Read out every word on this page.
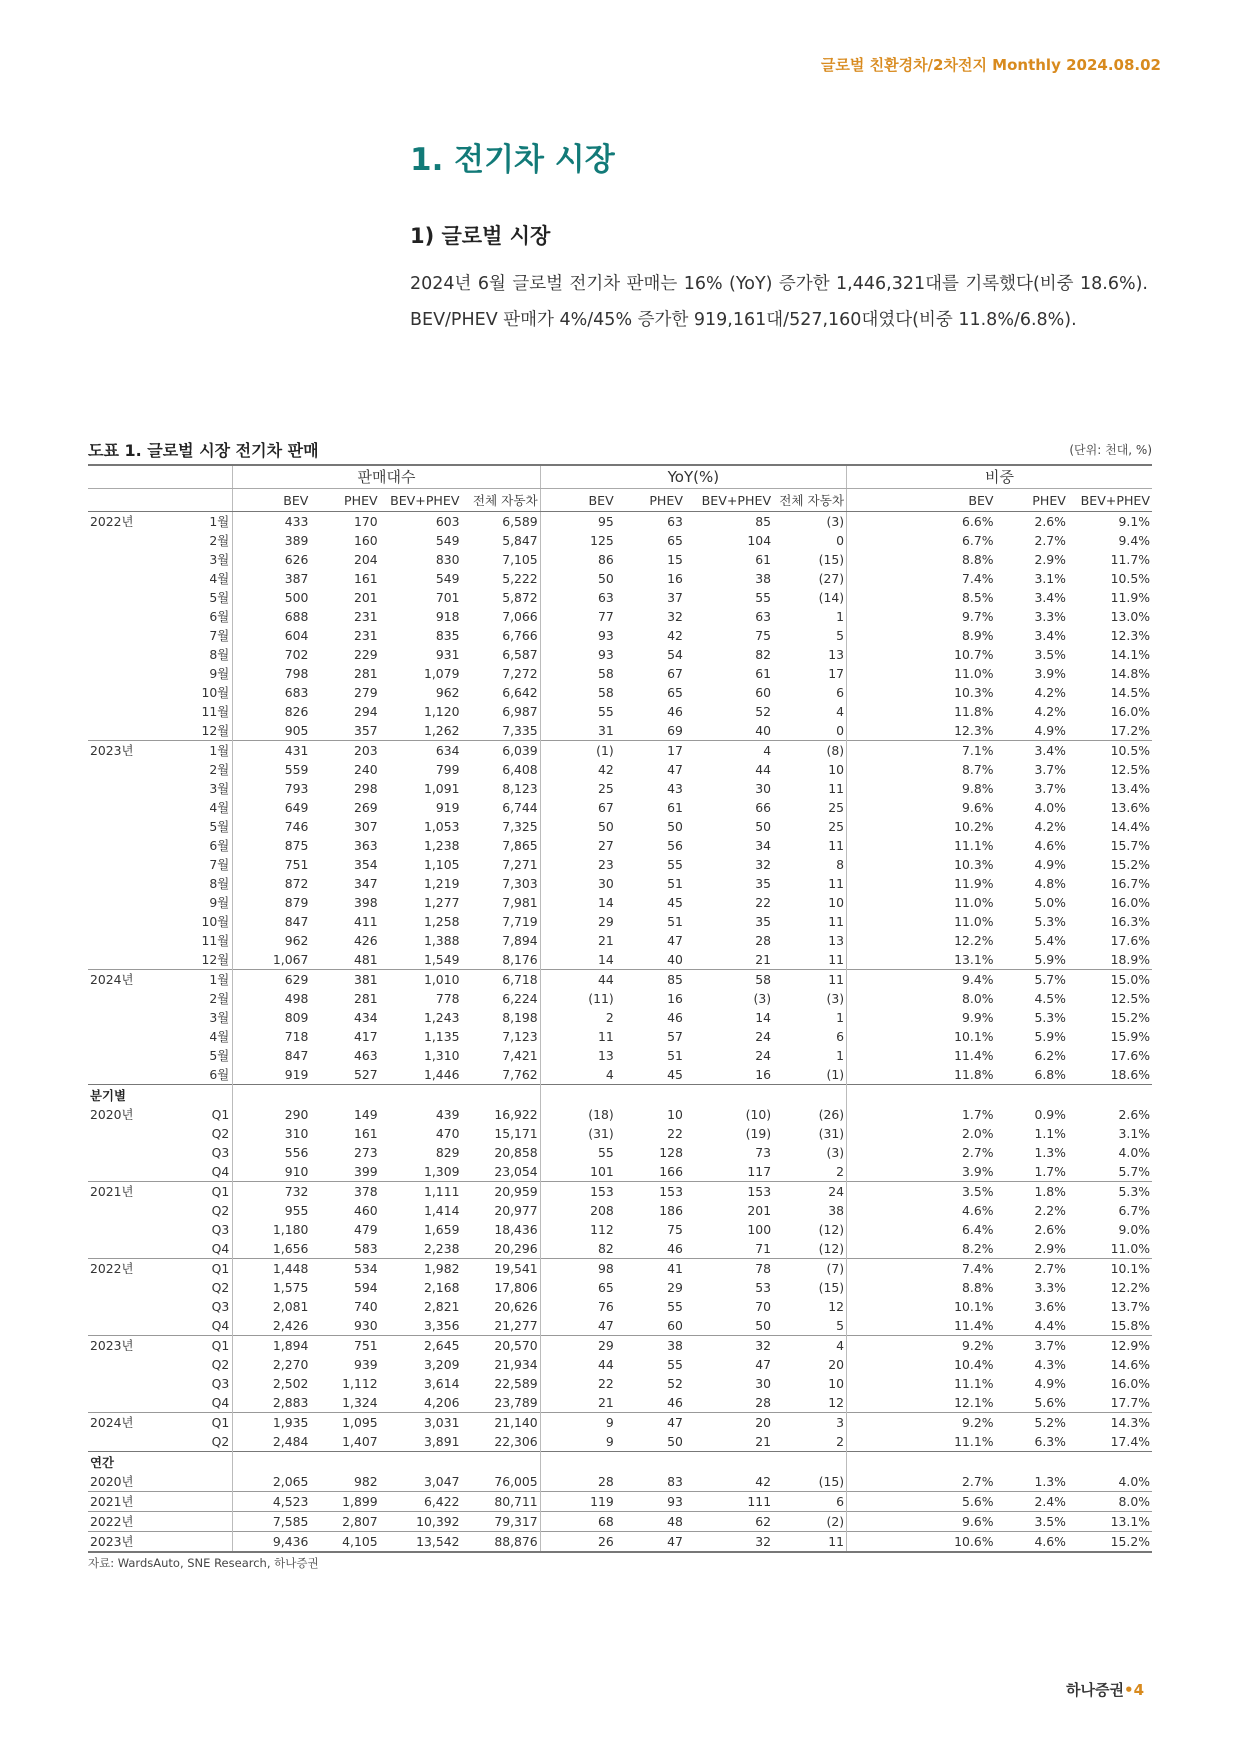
글로벌 친환경차/2차전지 Monthly 2024.08.02
1. 전기차 시장
1) 글로벌 시장
2024년 6월 글로벌 전기차 판매는 16% (YoY) 증가한 1,446,321대를 기록했다(비중 18.6%). BEV/PHEV 판매가 4%/45% 증가한 919,161대/527,160대였다(비중 11.8%/6.8%).
도표 1. 글로벌 시장 전기차 판매	(단위: 천대, %)
		판매대수				YoY(%)				비중		
		BEV	PHEV	BEV+PHEV	전체 자동차	BEV	PHEV	BEV+PHEV	전체 자동차	BEV	PHEV	BEV+PHEV
2022년	1월	433	170	603	6,589	95	63	85	(3)	6.6%	2.6%	9.1%
	2월	389	160	549	5,847	125	65	104	0	6.7%	2.7%	9.4%
	3월	626	204	830	7,105	86	15	61	(15)	8.8%	2.9%	11.7%
	4월	387	161	549	5,222	50	16	38	(27)	7.4%	3.1%	10.5%
	5월	500	201	701	5,872	63	37	55	(14)	8.5%	3.4%	11.9%
	6월	688	231	918	7,066	77	32	63	1	9.7%	3.3%	13.0%
	7월	604	231	835	6,766	93	42	75	5	8.9%	3.4%	12.3%
	8월	702	229	931	6,587	93	54	82	13	10.7%	3.5%	14.1%
	9월	798	281	1,079	7,272	58	67	61	17	11.0%	3.9%	14.8%
	10월	683	279	962	6,642	58	65	60	6	10.3%	4.2%	14.5%
	11월	826	294	1,120	6,987	55	46	52	4	11.8%	4.2%	16.0%
	12월	905	357	1,262	7,335	31	69	40	0	12.3%	4.9%	17.2%
2023년	1월	431	203	634	6,039	(1)	17	4	(8)	7.1%	3.4%	10.5%
	2월	559	240	799	6,408	42	47	44	10	8.7%	3.7%	12.5%
	3월	793	298	1,091	8,123	25	43	30	11	9.8%	3.7%	13.4%
	4월	649	269	919	6,744	67	61	66	25	9.6%	4.0%	13.6%
	5월	746	307	1,053	7,325	50	50	50	25	10.2%	4.2%	14.4%
	6월	875	363	1,238	7,865	27	56	34	11	11.1%	4.6%	15.7%
	7월	751	354	1,105	7,271	23	55	32	8	10.3%	4.9%	15.2%
	8월	872	347	1,219	7,303	30	51	35	11	11.9%	4.8%	16.7%
	9월	879	398	1,277	7,981	14	45	22	10	11.0%	5.0%	16.0%
	10월	847	411	1,258	7,719	29	51	35	11	11.0%	5.3%	16.3%
	11월	962	426	1,388	7,894	21	47	28	13	12.2%	5.4%	17.6%
	12월	1,067	481	1,549	8,176	14	40	21	11	13.1%	5.9%	18.9%
2024년	1월	629	381	1,010	6,718	44	85	58	11	9.4%	5.7%	15.0%
	2월	498	281	778	6,224	(11)	16	(3)	(3)	8.0%	4.5%	12.5%
	3월	809	434	1,243	8,198	2	46	14	1	9.9%	5.3%	15.2%
	4월	718	417	1,135	7,123	11	57	24	6	10.1%	5.9%	15.9%
	5월	847	463	1,310	7,421	13	51	24	1	11.4%	6.2%	17.6%
	6월	919	527	1,446	7,762	4	45	16	(1)	11.8%	6.8%	18.6%
분기별												
2020년	Q1	290	149	439	16,922	(18)	10	(10)	(26)	1.7%	0.9%	2.6%
	Q2	310	161	470	15,171	(31)	22	(19)	(31)	2.0%	1.1%	3.1%
	Q3	556	273	829	20,858	55	128	73	(3)	2.7%	1.3%	4.0%
	Q4	910	399	1,309	23,054	101	166	117	2	3.9%	1.7%	5.7%
2021년	Q1	732	378	1,111	20,959	153	153	153	24	3.5%	1.8%	5.3%
	Q2	955	460	1,414	20,977	208	186	201	38	4.6%	2.2%	6.7%
	Q3	1,180	479	1,659	18,436	112	75	100	(12)	6.4%	2.6%	9.0%
	Q4	1,656	583	2,238	20,296	82	46	71	(12)	8.2%	2.9%	11.0%
2022년	Q1	1,448	534	1,982	19,541	98	41	78	(7)	7.4%	2.7%	10.1%
	Q2	1,575	594	2,168	17,806	65	29	53	(15)	8.8%	3.3%	12.2%
	Q3	2,081	740	2,821	20,626	76	55	70	12	10.1%	3.6%	13.7%
	Q4	2,426	930	3,356	21,277	47	60	50	5	11.4%	4.4%	15.8%
2023년	Q1	1,894	751	2,645	20,570	29	38	32	4	9.2%	3.7%	12.9%
	Q2	2,270	939	3,209	21,934	44	55	47	20	10.4%	4.3%	14.6%
	Q3	2,502	1,112	3,614	22,589	22	52	30	10	11.1%	4.9%	16.0%
	Q4	2,883	1,324	4,206	23,789	21	46	28	12	12.1%	5.6%	17.7%
2024년	Q1	1,935	1,095	3,031	21,140	9	47	20	3	9.2%	5.2%	14.3%
	Q2	2,484	1,407	3,891	22,306	9	50	21	2	11.1%	6.3%	17.4%
연간												
2020년		2,065	982	3,047	76,005	28	83	42	(15)	2.7%	1.3%	4.0%
2021년		4,523	1,899	6,422	80,711	119	93	111	6	5.6%	2.4%	8.0%
2022년		7,585	2,807	10,392	79,317	68	48	62	(2)	9.6%	3.5%	13.1%
2023년		9,436	4,105	13,542	88,876	26	47	32	11	10.6%	4.6%	15.2%
자료: WardsAuto, SNE Research, 하나증권
하나증권•4
